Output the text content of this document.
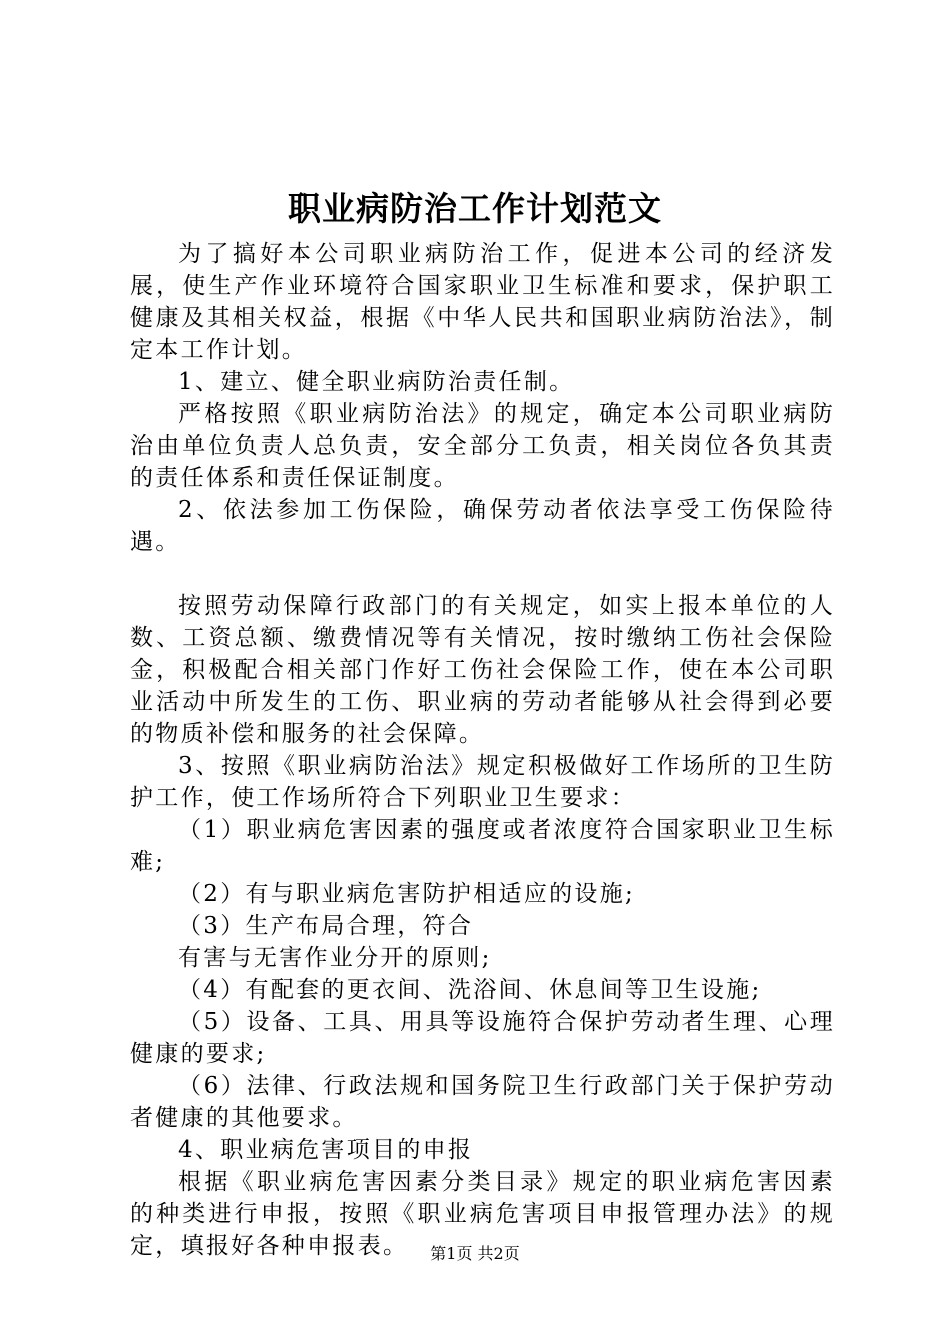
职业病防治工作计划范文

为了搞好本公司职业病防治工作，促进本公司的经济发展，使生产作业环境符合国家职业卫生标准和要求，保护职工健康及其相关权益，根据《中华人民共和国职业病防治法》，制定本工作计划。

1、建立、健全职业病防治责任制。

严格按照《职业病防治法》的规定，确定本公司职业病防治由单位负责人总负责，安全部分工负责，相关岗位各负其责的责任体系和责任保证制度。

2、依法参加工伤保险，确保劳动者依法享受工伤保险待遇。

按照劳动保障行政部门的有关规定，如实上报本单位的人数、工资总额、缴费情况等有关情况，按时缴纳工伤社会保险金，积极配合相关部门作好工伤社会保险工作，使在本公司职业活动中所发生的工伤、职业病的劳动者能够从社会得到必要的物质补偿和服务的社会保障。

3、按照《职业病防治法》规定积极做好工作场所的卫生防护工作，使工作场所符合下列职业卫生要求：

（1）职业病危害因素的强度或者浓度符合国家职业卫生标难;

（2）有与职业病危害防护相适应的设施;

（3）生产布局合理，符合

有害与无害作业分开的原则;

（4）有配套的更衣间、洗浴间、休息间等卫生设施;

（5）设备、工具、用具等设施符合保护劳动者生理、心理健康的要求;

（6）法律、行政法规和国务院卫生行政部门关于保护劳动者健康的其他要求。

4、职业病危害项目的申报

根据《职业病危害因素分类目录》规定的职业病危害因素的种类进行申报，按照《职业病危害项目申报管理办法》的规定，填报好各种申报表。	第1页 共2页
